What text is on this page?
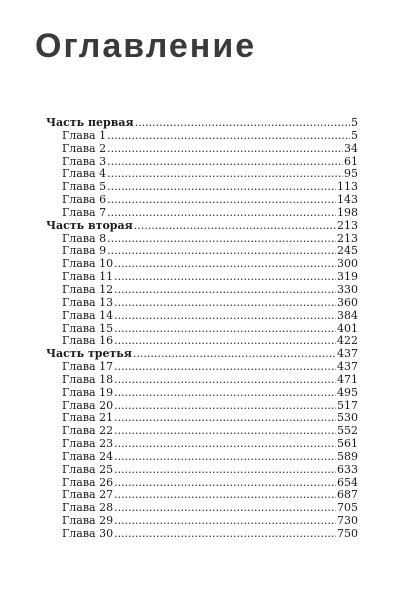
Оглавление
Часть первая .....	5
Глава 1 .....	5
Глава 2 .....	34
Глава 3 .....	61
Глава 4 .....	95
Глава 5 .....	113
Глава 6 .....	143
Глава 7 .....	198
Часть вторая .....	213
Глава 8 .....	213
Глава 9 .....	245
Глава 10 .....	300
Глава 11 .....	319
Глава 12 .....	330
Глава 13 .....	360
Глава 14 .....	384
Глава 15 .....	401
Глава 16 .....	422
Часть третья .....	437
Глава 17 .....	437
Глава 18 .....	471
Глава 19 .....	495
Глава 20 .....	517
Глава 21 .....	530
Глава 22 .....	552
Глава 23 .....	561
Глава 24 .....	589
Глава 25 .....	633
Глава 26 .....	654
Глава 27 .....	687
Глава 28 .....	705
Глава 29 .....	730
Глава 30 .....	750
